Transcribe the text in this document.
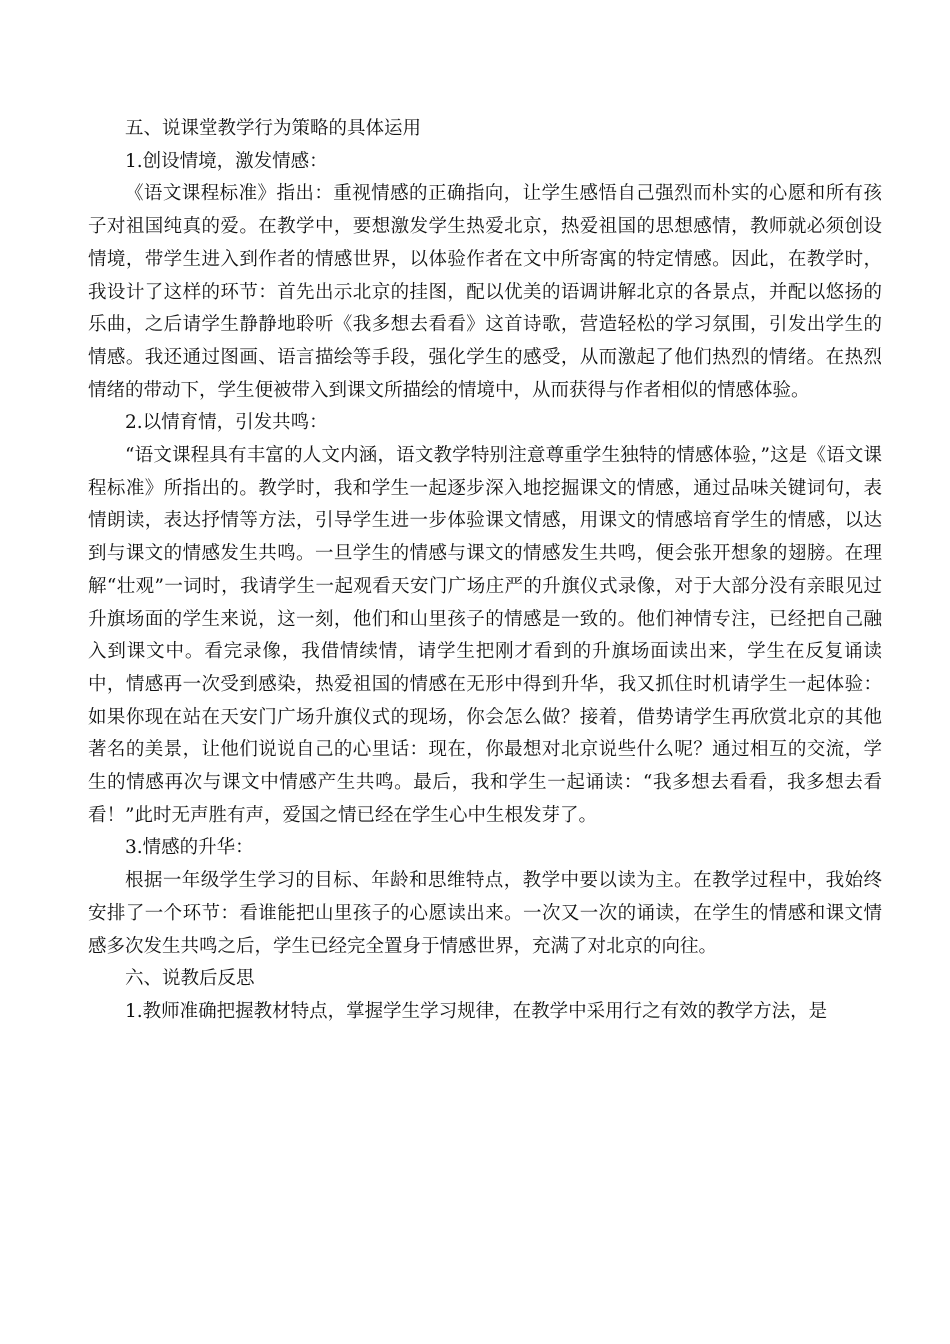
五、说课堂教学行为策略的具体运用

1.创设情境，激发情感：

《语文课程标准》指出：重视情感的正确指向，让学生感悟自己强烈而朴实的心愿和所有孩子对祖国纯真的爱。在教学中，要想激发学生热爱北京，热爱祖国的思想感情，教师就必须创设情境，带学生进入到作者的情感世界，以体验作者在文中所寄寓的特定情感。因此，在教学时，我设计了这样的环节：首先出示北京的挂图，配以优美的语调讲解北京的各景点，并配以悠扬的乐曲，之后请学生静静地聆听《我多想去看看》这首诗歌，营造轻松的学习氛围，引发出学生的情感。我还通过图画、语言描绘等手段，强化学生的感受，从而激起了他们热烈的情绪。在热烈情绪的带动下，学生便被带入到课文所描绘的情境中，从而获得与作者相似的情感体验。

2.以情育情，引发共鸣：

“语文课程具有丰富的人文内涵，语文教学特别注意尊重学生独特的情感体验，”这是《语文课程标准》所指出的。教学时，我和学生一起逐步深入地挖掘课文的情感，通过品味关键词句，表情朗读，表达抒情等方法，引导学生进一步体验课文情感，用课文的情感培育学生的情感，以达到与课文的情感发生共鸣。一旦学生的情感与课文的情感发生共鸣，便会张开想象的翅膀。在理解“壮观”一词时，我请学生一起观看天安门广场庄严的升旗仪式录像，对于大部分没有亲眼见过升旗场面的学生来说，这一刻，他们和山里孩子的情感是一致的。他们神情专注，已经把自己融入到课文中。看完录像，我借情续情，请学生把刚才看到的升旗场面读出来，学生在反复诵读中，情感再一次受到感染，热爱祖国的情感在无形中得到升华，我又抓住时机请学生一起体验：如果你现在站在天安门广场升旗仪式的现场，你会怎么做？接着，借势请学生再欣赏北京的其他著名的美景，让他们说说自己的心里话：现在，你最想对北京说些什么呢？通过相互的交流，学生的情感再次与课文中情感产生共鸣。最后，我和学生一起诵读：“我多想去看看，我多想去看看！”此时无声胜有声，爱国之情已经在学生心中生根发芽了。

3.情感的升华：

根据一年级学生学习的目标、年龄和思维特点，教学中要以读为主。在教学过程中，我始终安排了一个环节：看谁能把山里孩子的心愿读出来。一次又一次的诵读，在学生的情感和课文情感多次发生共鸣之后，学生已经完全置身于情感世界，充满了对北京的向往。

六、说教后反思

1.教师准确把握教材特点，掌握学生学习规律，在教学中采用行之有效的教学方法，是
